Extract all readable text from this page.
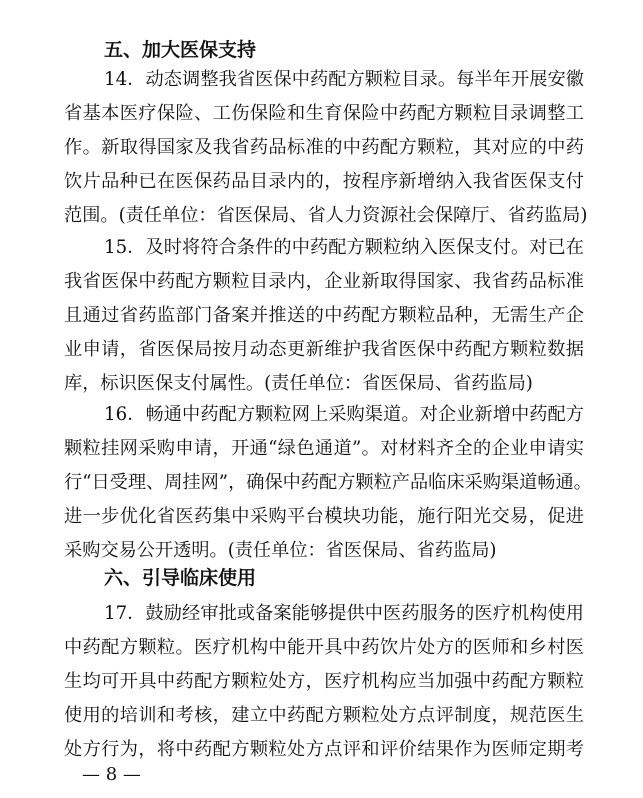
五、加大医保支持
14．动态调整我省医保中药配方颗粒目录。每半年开展安徽
省基本医疗保险、工伤保险和生育保险中药配方颗粒目录调整工
作。新取得国家及我省药品标准的中药配方颗粒，其对应的中药
饮片品种已在医保药品目录内的，按程序新增纳入我省医保支付
范围。(责任单位：省医保局、省人力资源社会保障厅、省药监局)
15．及时将符合条件的中药配方颗粒纳入医保支付。对已在
我省医保中药配方颗粒目录内，企业新取得国家、我省药品标准
且通过省药监部门备案并推送的中药配方颗粒品种，无需生产企
业申请，省医保局按月动态更新维护我省医保中药配方颗粒数据
库，标识医保支付属性。(责任单位：省医保局、省药监局)
16．畅通中药配方颗粒网上采购渠道。对企业新增中药配方
颗粒挂网采购申请，开通“绿色通道”。对材料齐全的企业申请实
行“日受理、周挂网”，确保中药配方颗粒产品临床采购渠道畅通。
进一步优化省医药集中采购平台模块功能，施行阳光交易，促进
采购交易公开透明。(责任单位：省医保局、省药监局)
六、引导临床使用
17．鼓励经审批或备案能够提供中医药服务的医疗机构使用
中药配方颗粒。医疗机构中能开具中药饮片处方的医师和乡村医
生均可开具中药配方颗粒处方，医疗机构应当加强中药配方颗粒
使用的培训和考核，建立中药配方颗粒处方点评制度，规范医生
处方行为，将中药配方颗粒处方点评和评价结果作为医师定期考
— 8 —
